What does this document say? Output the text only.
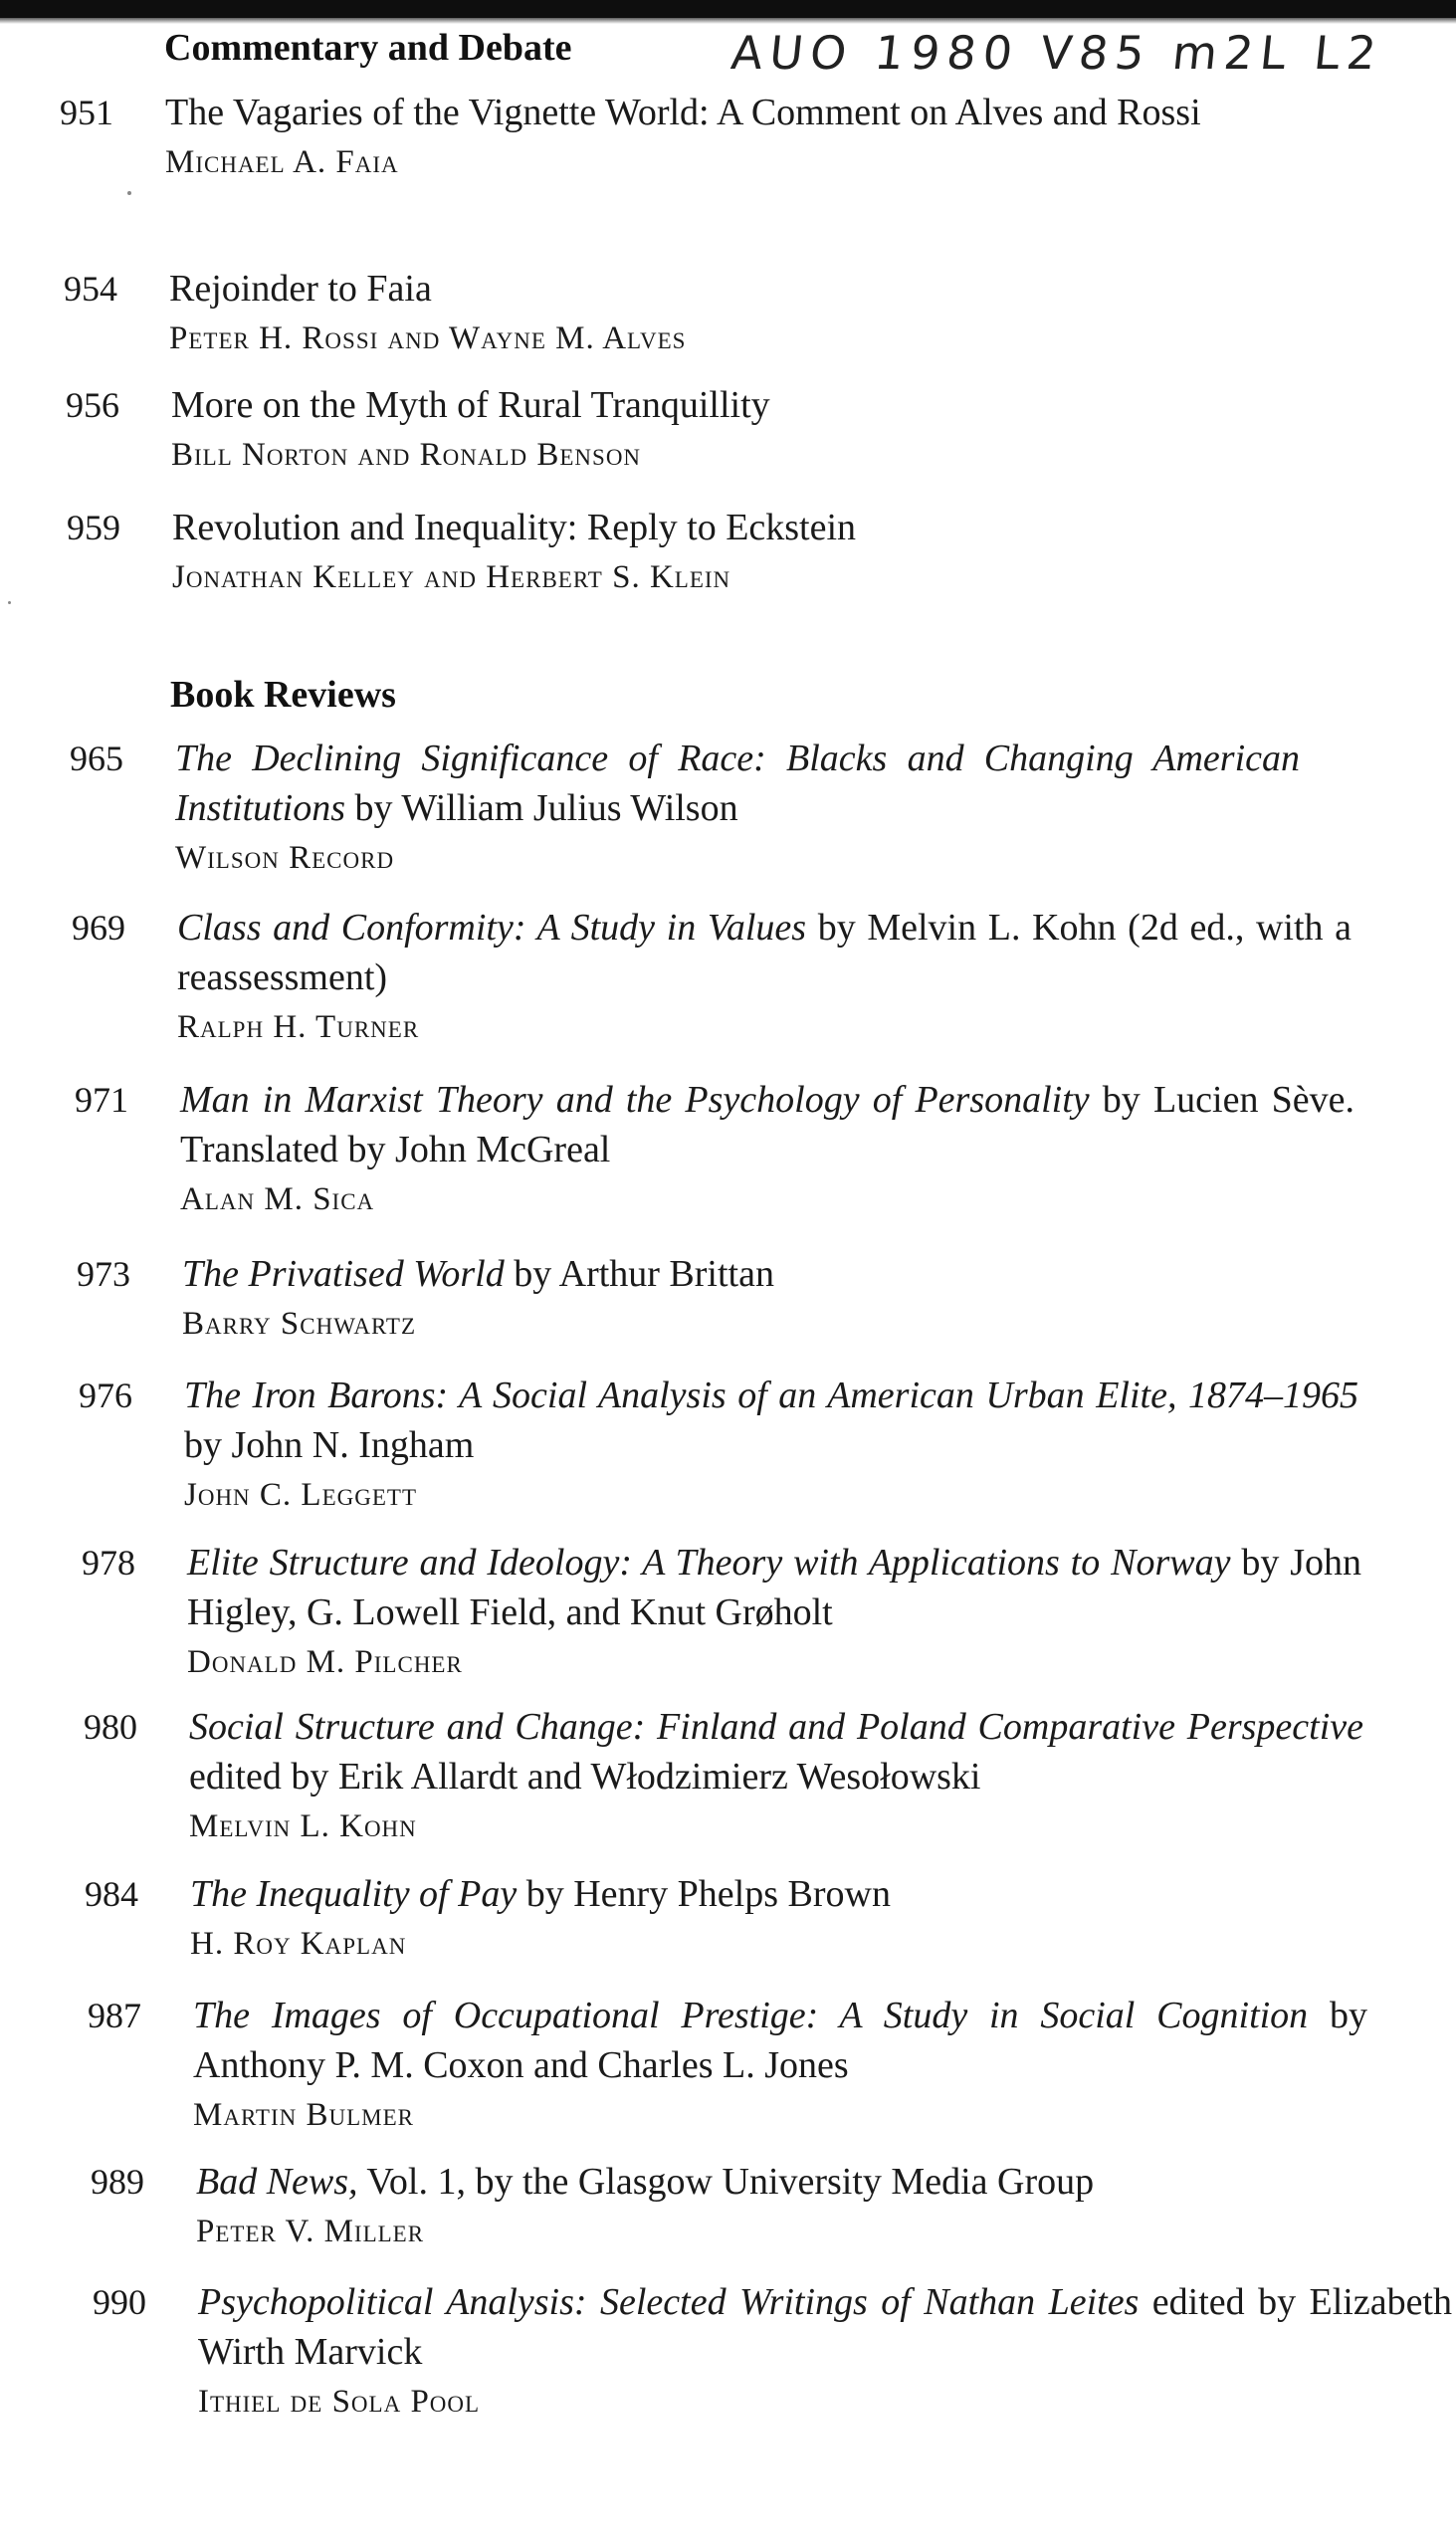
Commentary and Debate	AUO 1980 V85 m2L L2
951	The Vagaries of the Vignette World: A Comment on Alves and Rossi
Michael A. Faia
954	Rejoinder to Faia
Peter H. Rossi and Wayne M. Alves
956	More on the Myth of Rural Tranquillity
Bill Norton and Ronald Benson
959	Revolution and Inequality: Reply to Eckstein
Jonathan Kelley and Herbert S. Klein
Book Reviews
965	The Declining Significance of Race: Blacks and Changing American Institutions by William Julius Wilson
Wilson Record
969	Class and Conformity: A Study in Values by Melvin L. Kohn (2d ed., with a reassessment)
Ralph H. Turner
971	Man in Marxist Theory and the Psychology of Personality by Lucien Sève. Translated by John McGreal
Alan M. Sica
973	The Privatised World by Arthur Brittan
Barry Schwartz
976	The Iron Barons: A Social Analysis of an American Urban Elite, 1874–1965 by John N. Ingham
John C. Leggett
978	Elite Structure and Ideology: A Theory with Applications to Norway by John Higley, G. Lowell Field, and Knut Grøholt
Donald M. Pilcher
980	Social Structure and Change: Finland and Poland Comparative Perspective edited by Erik Allardt and Włodzimierz Wesołowski
Melvin L. Kohn
984	The Inequality of Pay by Henry Phelps Brown
H. Roy Kaplan
987	The Images of Occupational Prestige: A Study in Social Cognition by Anthony P. M. Coxon and Charles L. Jones
Martin Bulmer
989	Bad News, Vol. 1, by the Glasgow University Media Group
Peter V. Miller
990	Psychopolitical Analysis: Selected Writings of Nathan Leites edited by Elizabeth Wirth Marvick
Ithiel de Sola Pool
